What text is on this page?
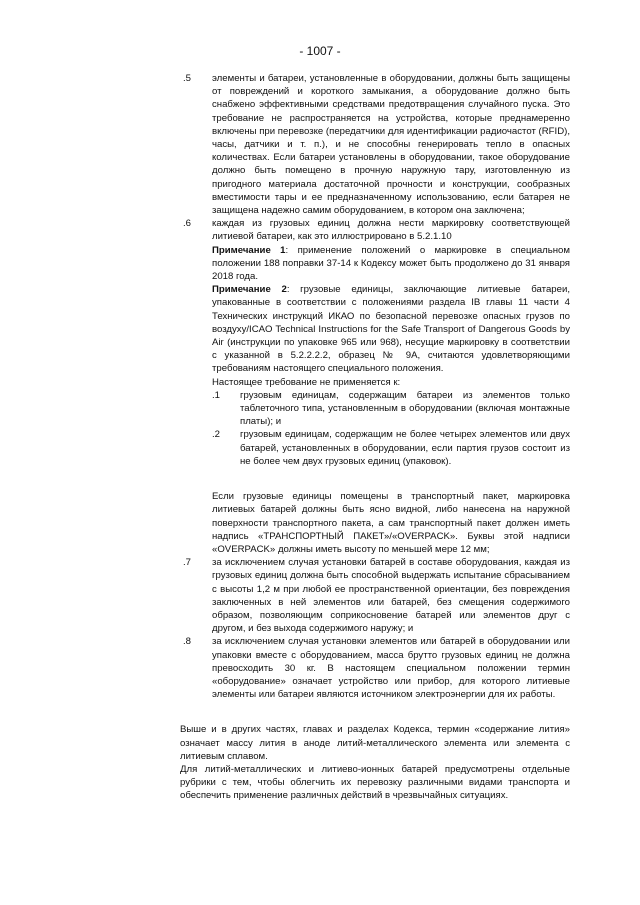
- 1007 -
.5 элементы и батареи, установленные в оборудовании, должны быть защищены от повреждений и короткого замыкания, а оборудование должно быть снабжено эффективными средствами предотвращения случайного пуска. Это требование не распространяется на устройства, которые преднамеренно включены при перевозке (передатчики для идентификации радиочастот (RFID), часы, датчики и т. п.), и не способны генерировать тепло в опасных количествах. Если батареи установлены в оборудовании, такое оборудование должно быть помещено в прочную наружную тару, изготовленную из пригодного материала достаточной прочности и конструкции, сообразных вместимости тары и ее предназначенному использованию, если батарея не защищена надежно самим оборудованием, в котором она заключена;
.6 каждая из грузовых единиц должна нести маркировку соответствующей литиевой батареи, как это иллюстрировано в 5.2.1.10
Примечание 1: применение положений о маркировке в специальном положении 188 поправки 37-14 к Кодексу может быть продолжено до 31 января 2018 года.
Примечание 2: грузовые единицы, заключающие литиевые батареи, упакованные в соответствии с положениями раздела IB главы 11 части 4 Технических инструкций ИКАО по безопасной перевозке опасных грузов по воздуху/ICAO Technical Instructions for the Safe Transport of Dangerous Goods by Air (инструкции по упаковке 965 или 968), несущие маркировку в соответствии с указанной в 5.2.2.2.2, образец № 9А, считаются удовлетворяющими требованиям настоящего специального положения.
Настоящее требование не применяется к:
.1 грузовым единицам, содержащим батареи из элементов только таблеточного типа, установленным в оборудовании (включая монтажные платы); и
.2 грузовым единицам, содержащим не более четырех элементов или двух батарей, установленных в оборудовании, если партия грузов состоит из не более чем двух грузовых единиц (упаковок).
Если грузовые единицы помещены в транспортный пакет, маркировка литиевых батарей должны быть ясно видной, либо нанесена на наружной поверхности транспортного пакета, а сам транспортный пакет должен иметь надпись «ТРАНСПОРТНЫЙ ПАКЕТ»/«OVERPACK». Буквы этой надписи «OVERPACK» должны иметь высоту по меньшей мере 12 мм;
.7 за исключением случая установки батарей в составе оборудования, каждая из грузовых единиц должна быть способной выдержать испытание сбрасыванием с высоты 1,2 м при любой ее пространственной ориентации, без повреждения заключенных в ней элементов или батарей, без смещения содержимого образом, позволяющим соприкосновение батарей или элементов друг с другом, и без выхода содержимого наружу; и
.8 за исключением случая установки элементов или батарей в оборудовании или упаковки вместе с оборудованием, масса брутто грузовых единиц не должна превосходить 30 кг. В настоящем специальном положении термин «оборудование» означает устройство или прибор, для которого литиевые элементы или батареи являются источником электроэнергии для их работы.
Выше и в других частях, главах и разделах Кодекса, термин «содержание лития» означает массу лития в аноде литий-металлического элемента или элемента с литиевым сплавом.
Для литий-металлических и литиево-ионных батарей предусмотрены отдельные рубрики с тем, чтобы облегчить их перевозку различными видами транспорта и обеспечить применение различных действий в чрезвычайных ситуациях.
